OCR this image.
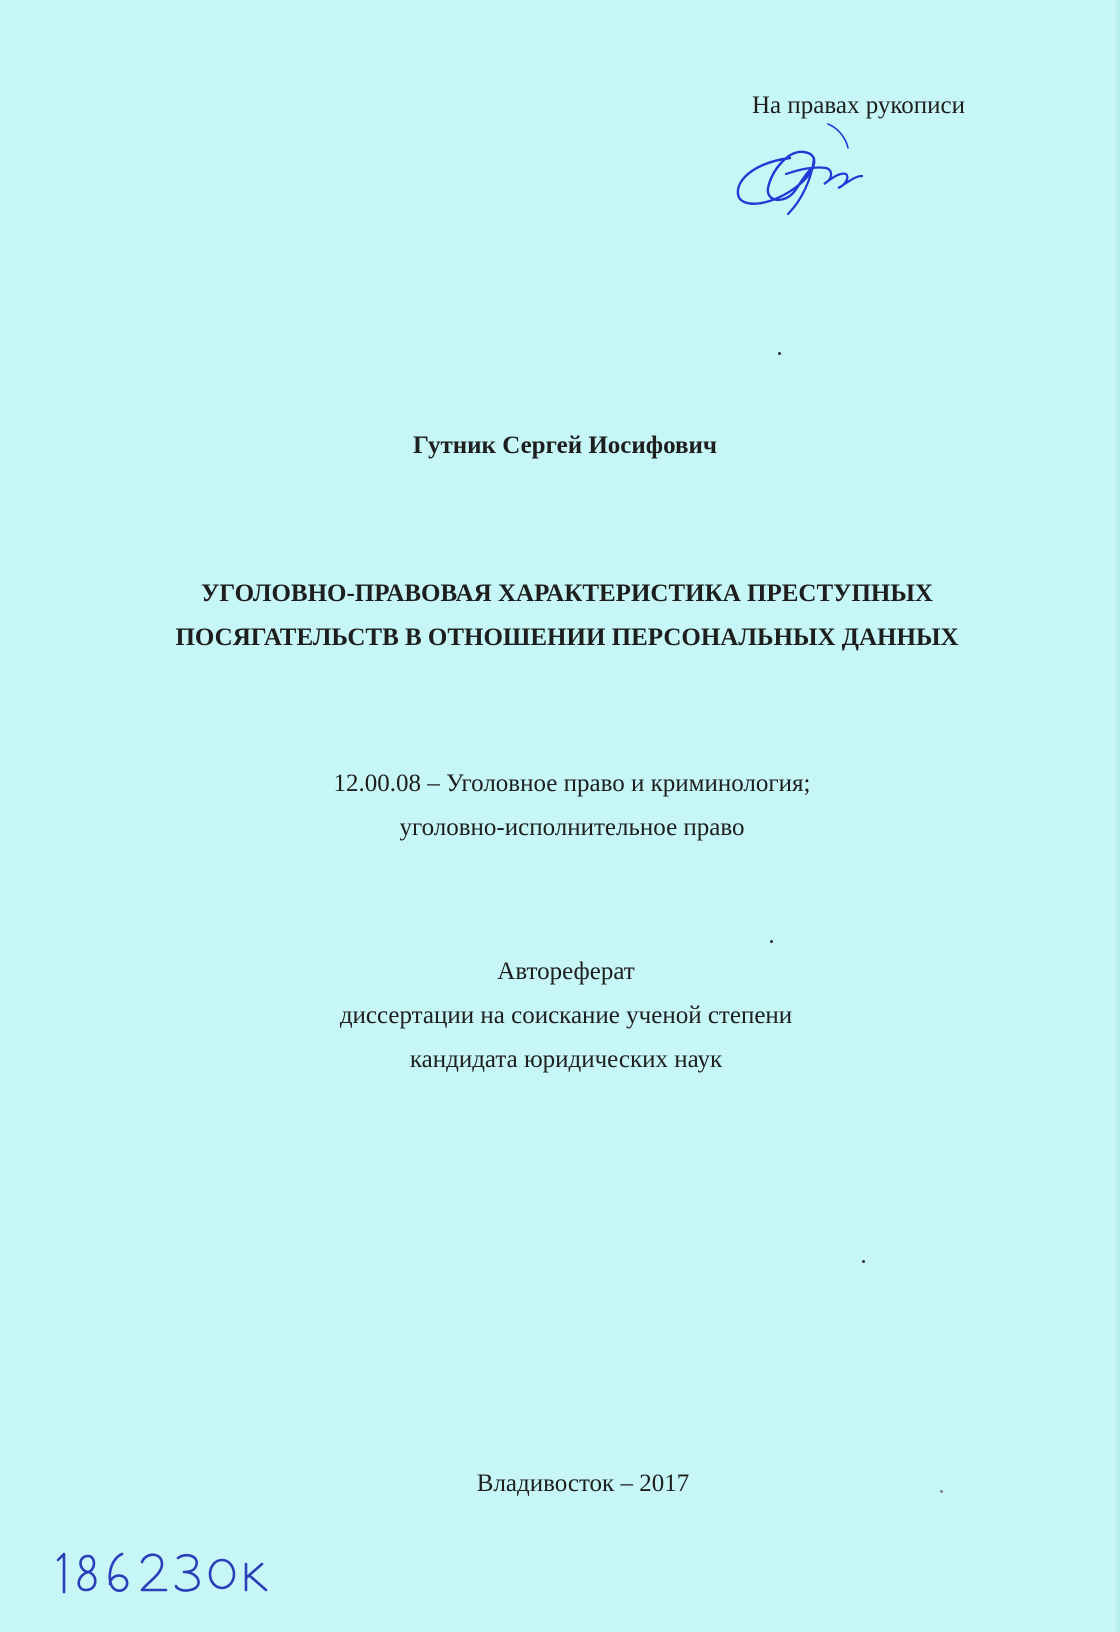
На правах рукописи
Гутник Сергей Иосифович
УГОЛОВНО-ПРАВОВАЯ ХАРАКТЕРИСТИКА ПРЕСТУПНЫХ
ПОСЯГАТЕЛЬСТВ В ОТНОШЕНИИ ПЕРСОНАЛЬНЫХ ДАННЫХ
12.00.08 – Уголовное право и криминология;
уголовно-исполнительное право
Автореферат
диссертации на соискание ученой степени
кандидата юридических наук
Владивосток – 2017
